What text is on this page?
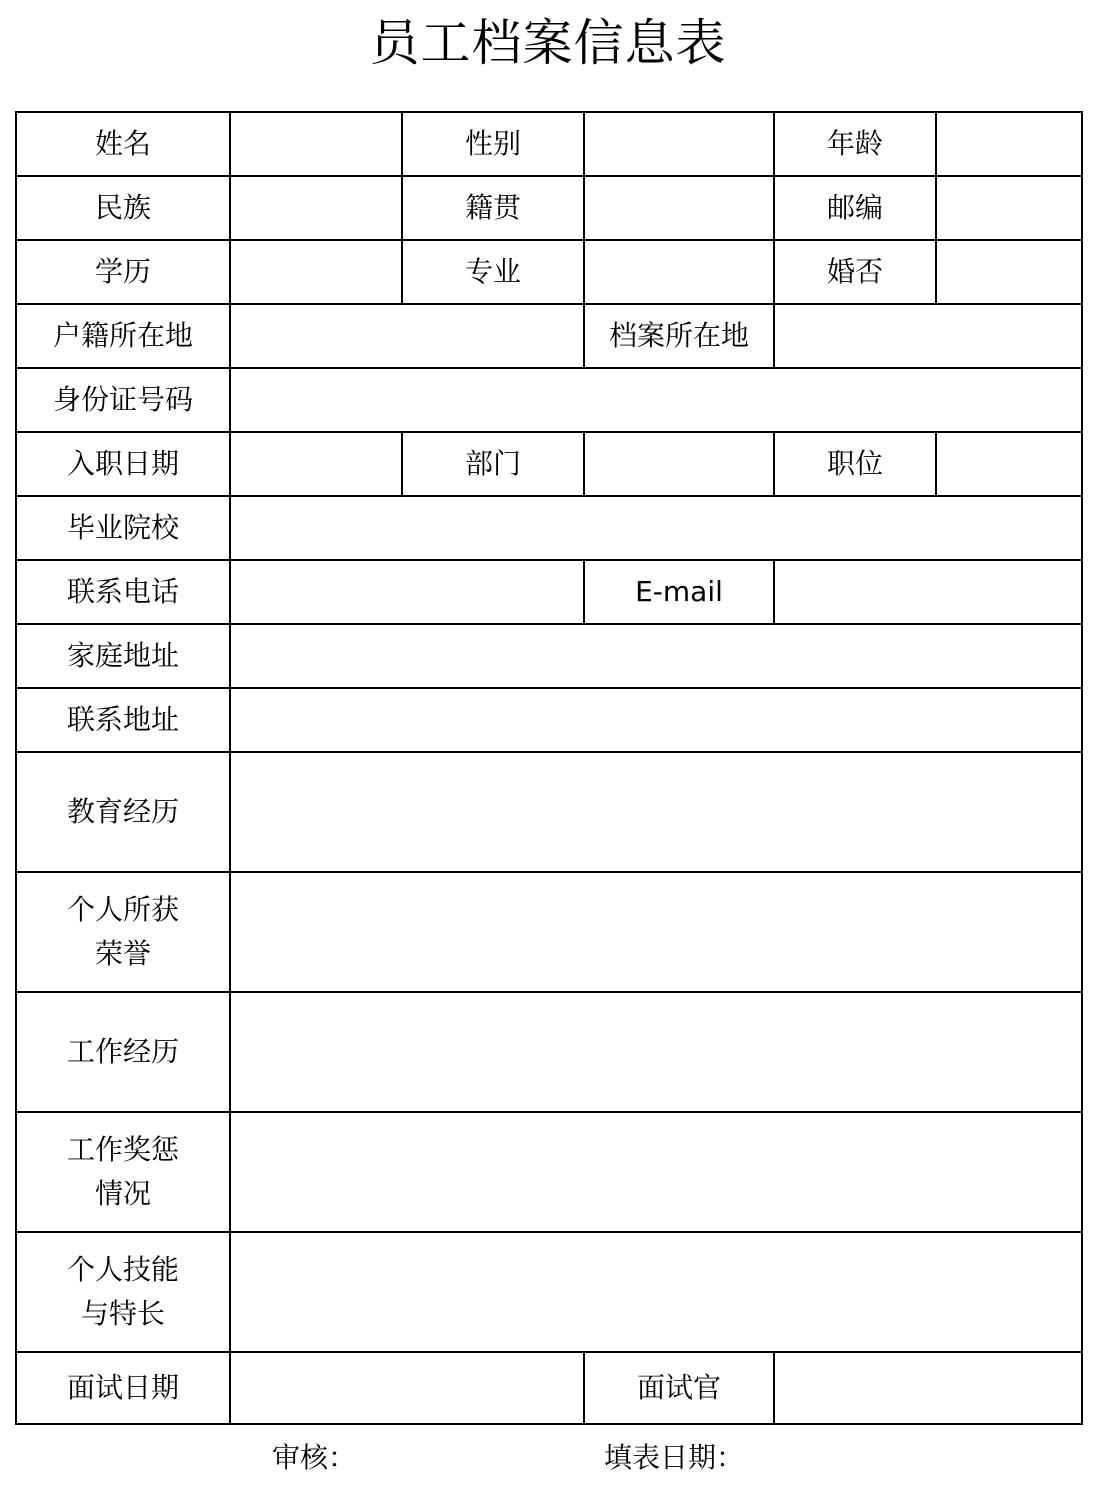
员工档案信息表
姓名		性别		年龄	
民族		籍贯		邮编	
学历		专业		婚否	
户籍所在地			档案所在地		
身份证号码					
入职日期		部门		职位	
毕业院校					
联系电话			E-mail		
家庭地址					
联系地址					
教育经历					
个人所获
荣誉					
工作经历					
工作奖惩
情况					
个人技能
与特长					
面试日期			面试官		
审核：	填表日期：
